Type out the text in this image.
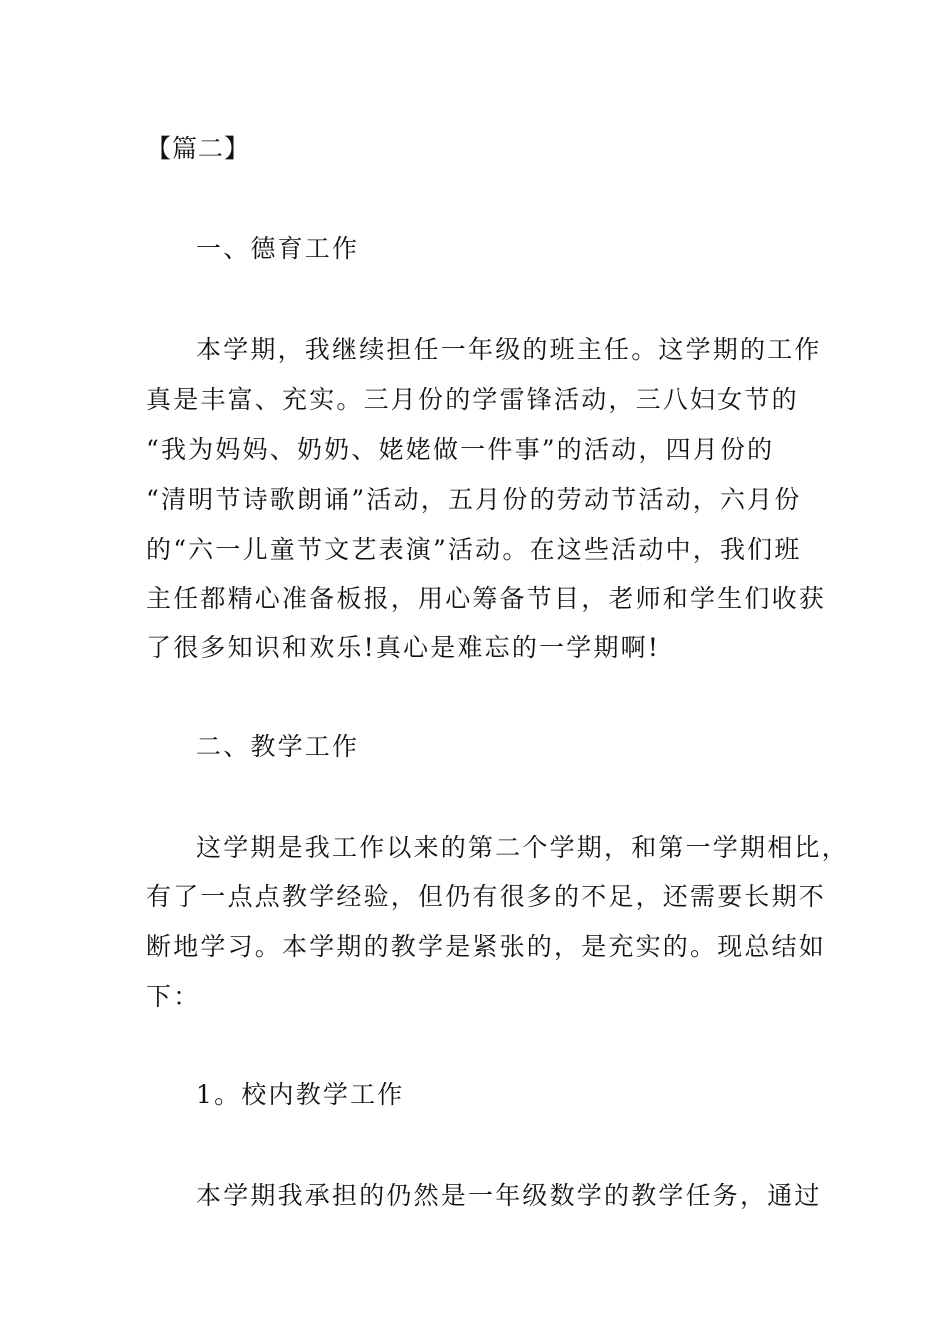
【篇二】
一、德育工作
本学期，我继续担任一年级的班主任。这学期的工作
真是丰富、充实。三月份的学雷锋活动，三八妇女节的
“我为妈妈、奶奶、姥姥做一件事”的活动，四月份的
“清明节诗歌朗诵”活动，五月份的劳动节活动，六月份
的“六一儿童节文艺表演”活动。在这些活动中，我们班
主任都精心准备板报，用心筹备节目，老师和学生们收获
了很多知识和欢乐!真心是难忘的一学期啊!
二、教学工作
这学期是我工作以来的第二个学期，和第一学期相比，
有了一点点教学经验，但仍有很多的不足，还需要长期不
断地学习。本学期的教学是紧张的，是充实的。现总结如
下：
1。校内教学工作
本学期我承担的仍然是一年级数学的教学任务，通过
